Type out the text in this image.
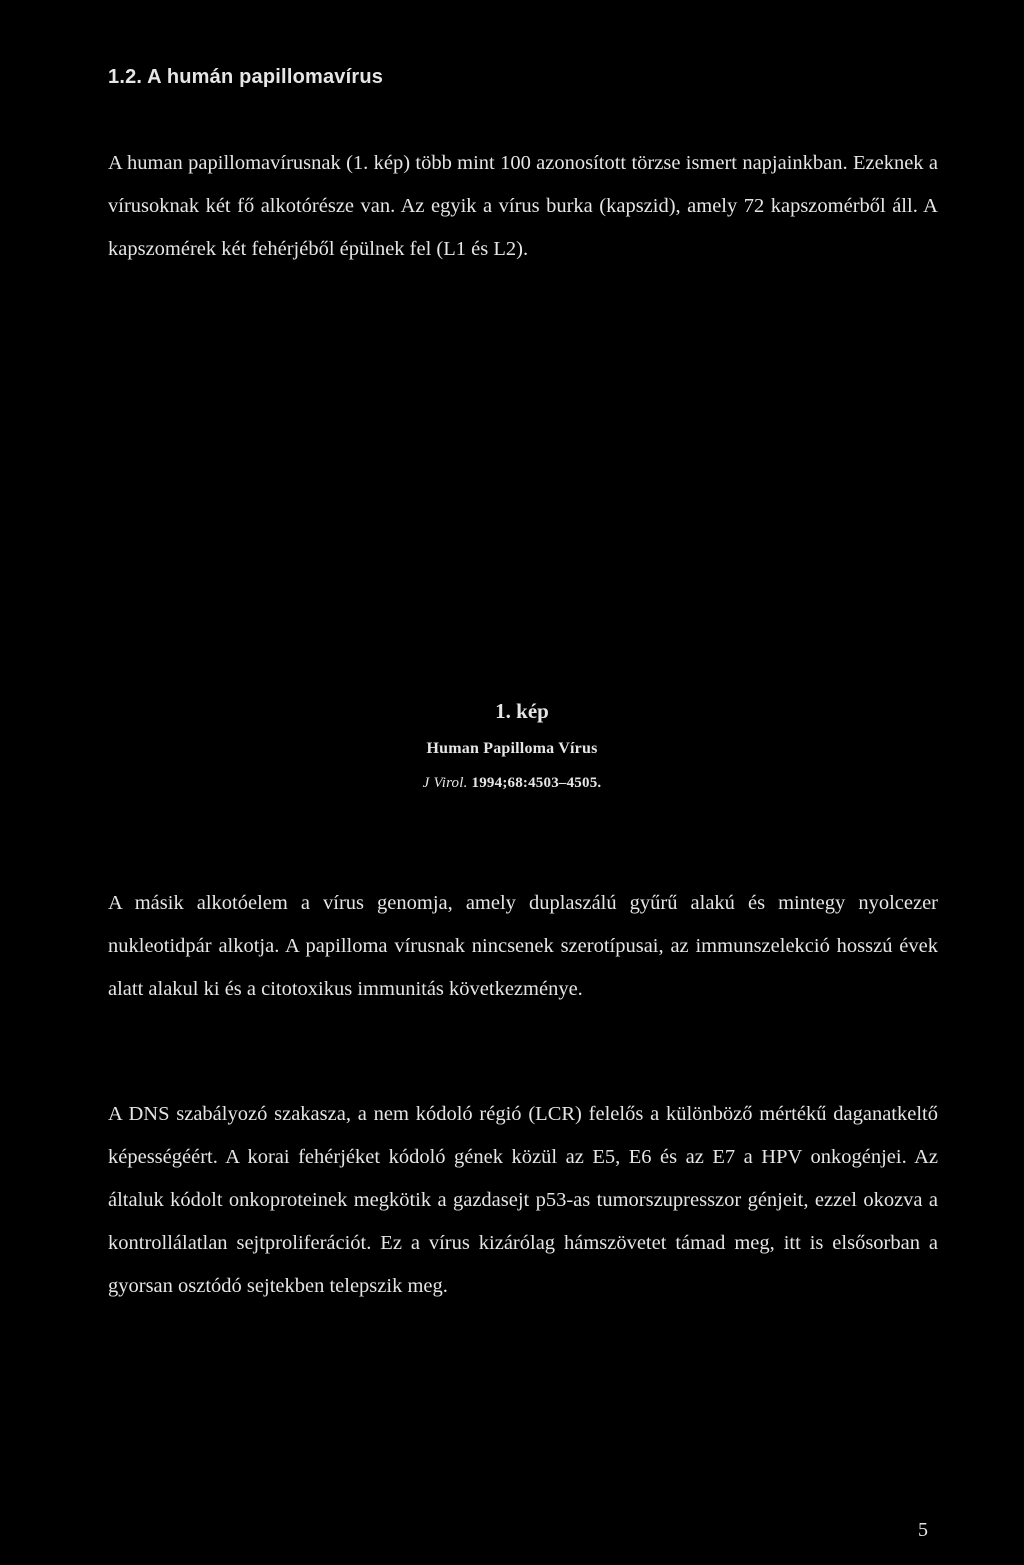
1.2. A humán papillomavírus

A human papillomavírusnak (1. kép) több mint 100 azonosított törzse ismert napjainkban. Ezeknek a vírusoknak két fő alkotórésze van. Az egyik a vírus burka (kapszid), amely 72 kapszomérből áll. A kapszomérek két fehérjéből épülnek fel (L1 és L2).

1. kép
Human Papilloma Vírus
J Virol. 1994;68:4503–4505.

A másik alkotóelem a vírus genomja, amely duplaszálú gyűrű alakú és mintegy nyolcezer nukleotidpár alkotja. A papilloma vírusnak nincsenek szerotípusai, az immunszelekció hosszú évek alatt alakul ki és a citotoxikus immunitás következménye.

A DNS szabályozó szakasza, a nem kódoló régió (LCR) felelős a különböző mértékű daganatkeltő képességéért. A korai fehérjéket kódoló gének közül az E5, E6 és az E7 a HPV onkogénjei. Az általuk kódolt onkoproteinek megkötik a gazdasejt p53-as tumorszupresszor génjeit, ezzel okozva a kontrollálatlan sejtproliferációt. Ez a vírus kizárólag hámszövetet támad meg, itt is elsősorban a gyorsan osztódó sejtekben telepszik meg.

5
